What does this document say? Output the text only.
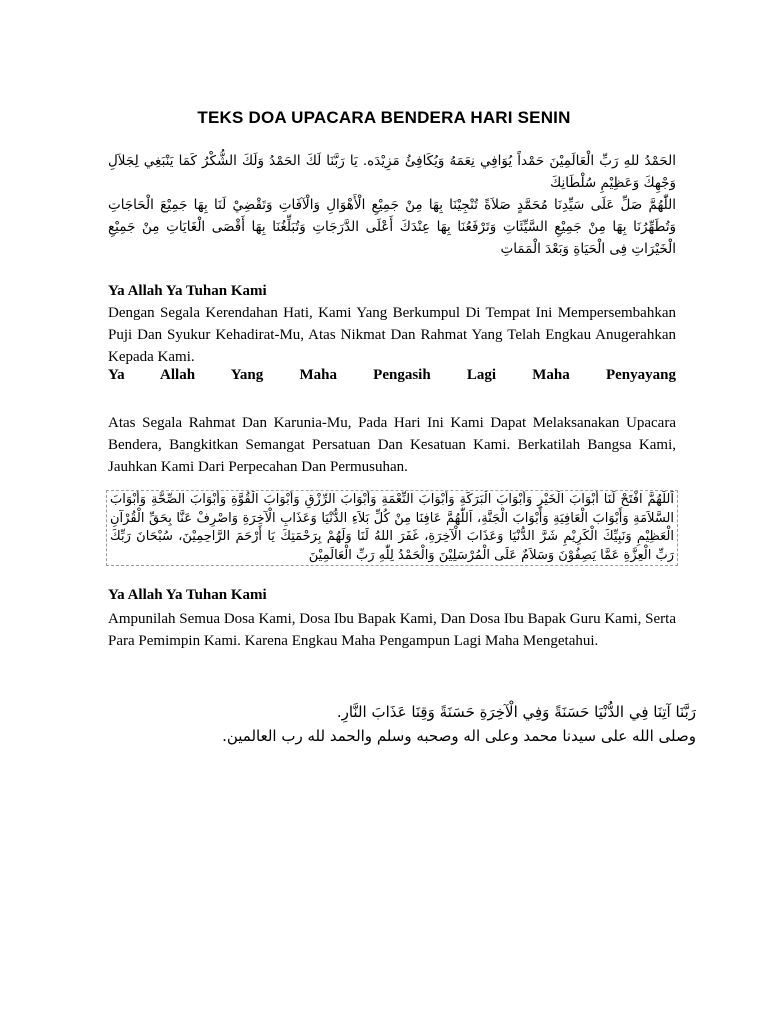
TEKS DOA UPACARA BENDERA HARI SENIN

الحَمْدُ للهِ رَبِّ الْعَالَمِيْنَ حَمْداً يُوَافِي نِعَمَهُ وَيُكَافِئُ مَزِيْدَه. يَا رَبَّنَا لَكَ الحَمْدُ وَلَكَ الشُّكْرُ كَمَا يَنْبَغِي لِجَلاَلِ وَجْهِكَ وَعَظِيْمِ سُلْطَانِكَ

اللّٰهُمَّ صَلِّ عَلَى سَيِّدِنَا مُحَمَّدٍ صَلاَةً تُنْجِيْنَا بِهَا مِنْ جَمِيْعِ الْأَهْوَالِ وَالْآفَاتِ وَتَقْضِيْ لَنَا بِهَا جَمِيْعَ الْحَاجَاتِ وَتُطَهِّرُنَا بِهَا مِنْ جَمِيْعِ السَّيِّئَاتِ وَتَرْفَعُنَا بِهَا عِنْدَكَ أَعْلَى الدَّرَجَاتِ وَتُبَلِّغُنَا بِهَا أَقْصَى الْغَايَاتِ مِنْ جَمِيْعِ الْخَيْرَاتِ فِى الْحَيَاةِ وَبَعْدَ الْمَمَاتِ

Ya Allah Ya Tuhan Kami
Dengan Segala Kerendahan Hati, Kami Yang Berkumpul Di Tempat Ini Mempersembahkan Puji Dan Syukur Kehadirat-Mu, Atas Nikmat Dan Rahmat Yang Telah Engkau Anugerahkan Kepada Kami.
Ya Allah Yang Maha Pengasih Lagi Maha Penyayang
Atas Segala Rahmat Dan Karunia-Mu, Pada Hari Ini Kami Dapat Melaksanakan Upacara Bendera, Bangkitkan Semangat Persatuan Dan Kesatuan Kami. Berkatilah Bangsa Kami, Jauhkan Kami Dari Perpecahan Dan Permusuhan.
اَللّٰهُمَّ افْتَحْ لَنَا أَبْوَابَ الْخَيْرِ وَأَبْوَابَ الْبَرَكَةِ وَأَبْوَابَ النِّعْمَةِ وَأَبْوَابَ الرِّزْقِ وَأَبْوَابَ الْقُوَّةِ وَأَبْوَابَ الصِّحَّةِ وَأَبْوَابَ السَّلاَمَةِ وَأَبْوَابَ الْعَافِيَةِ وَأَبْوَابَ الْجَنَّةِ، اَللّٰهُمَّ عَافِنَا مِنْ كُلِّ بَلاَءِ الدُّنْيَا وَعَذَابِ الْآخِرَةِ وَاصْرِفْ عَنَّا بِحَقِّ الْقُرْآنِ الْعَظِيْمِ وَنَبِيِّكَ الْكَرِيْمِ شَرَّ الدُّنْيَا وَعَذَابَ الْآخِرَةِ، غَفَرَ اللهُ لَنَا وَلَهُمْ بِرَحْمَتِكَ يَا أَرْحَمَ الرَّاحِمِيْنَ، سُبْحَانَ رَبِّكَ رَبِّ الْعِزَّةِ عَمَّا يَصِفُوْنَ وَسَلاَمٌ عَلَى الْمُرْسَلِيْنَ وَالْحَمْدُ لِلّٰهِ رَبِّ الْعَالَمِيْنَ
Ya Allah Ya Tuhan Kami
Ampunilah Semua Dosa Kami, Dosa Ibu Bapak Kami, Dan Dosa Ibu Bapak Guru Kami, Serta Para Pemimpin Kami. Karena Engkau Maha Pengampun Lagi Maha Mengetahui.

رَبَّنَا آتِنَا فِي الدُّنْيَا حَسَنَةً وَفِي الْآخِرَةِ حَسَنَةً وَقِنَا عَذَابَ النَّارِ.

وصلى الله على سيدنا محمد وعلى اله وصحبه وسلم والحمد لله رب العالمين.
